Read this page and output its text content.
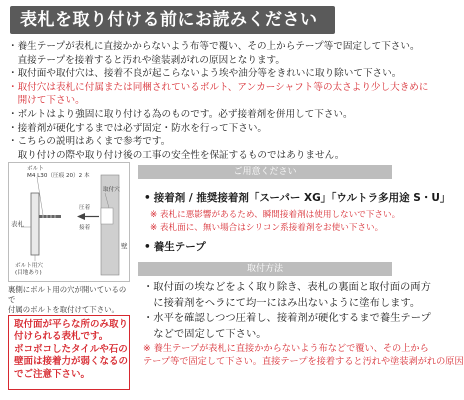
表札を取り付ける前にお読みください
・養生テープが表札に直接かからないよう布等で覆い、その上からテープ等で固定して下さい。
　直接テープを接着すると汚れや塗装剥がれの原因となります。
・取付面や取付穴は、接着不良が起こらないよう埃や油分等をきれいに取り除いて下さい。
・取付穴は表札に付属または同梱されているボルト、アンカーシャフト等の太さより少し大きめに
　開けて下さい。
・ボルトはより強固に取り付ける為のものです。必ず接着剤を併用して下さい。
・接着剤が硬化するまでは必ず固定・防水を行って下さい。
・こちらの説明はあくまで参考です。
　取り付けの際や取り付け後の工事の安全性を保証するものではありません。
ボルト
M4 L30（圧痕 20）2 本
取付穴
圧着
接着
表札
壁
ボルト用穴
(目地あり)
裏側にボルト用の穴が開いているので
付属のボルトを取付けて下さい。
取付面が平らな所のみ取り
付けられる表札です。
ボコボコしたタイルや石の
壁面は接着力が弱くなるの
でご注意下さい。
ご用意ください
• 接着剤 / 推奨接着剤「スーパー XG」「ウルトラ多用途 S・U」
※ 表札に悪影響があるため、瞬間接着剤は使用しないで下さい。
※ 表札面に、無い場合はシリコン系接着剤をお使い下さい。
• 養生テープ
取付方法
・取付面の埃などをよく取り除き、表札の裏面と取付面の両方
　に接着剤をヘラにて均一にはみ出ないように塗布します。
・水平を確認しつつ圧着し、接着剤が硬化するまで養生テープ
　などで固定して下さい。
※ 養生テープが表札に直接かからないよう布などで覆い、その上から
テープ等で固定して下さい。直接テープを接着すると汚れや塗装剥がれの原因
